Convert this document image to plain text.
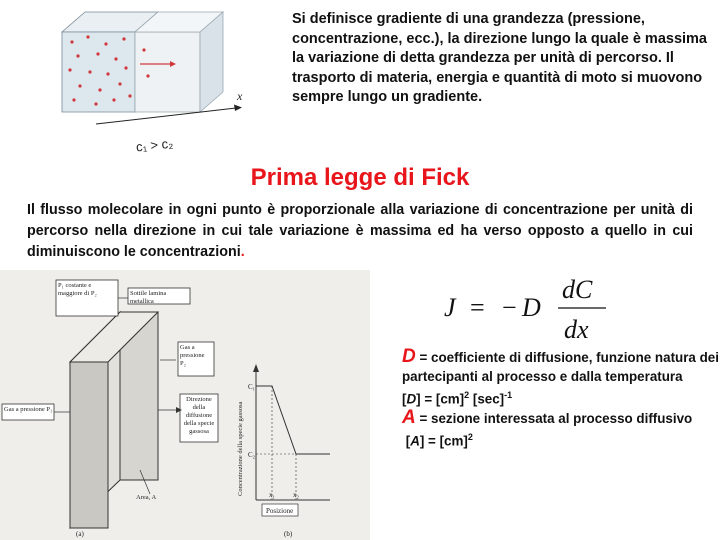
x
c₁ > c₂
Si definisce gradiente di una grandezza (pressione, concentrazione, ecc.), la direzione lungo la quale è massima la variazione di detta grandezza per unità di percorso. Il trasporto di materia, energia e quantità di moto si muovono sempre lungo un gradiente.
Prima legge di Fick
Il flusso molecolare in ogni punto è proporzionale alla variazione di concentrazione per unità di percorso nella direzione in cui tale variazione è massima ed ha verso opposto a quello in cui diminuiscono le concentrazioni.
P₁ costante e maggiore di P₂	Sottile lamina metallica
Gas a pressione P₁
Gas a pressione P₂
Direzione della diffusione della specie gassosa
Area, A
C₁
C₂
x₁	x₂
Concentrazione della specie gassosa
Posizione
(a)	(b)
J = − D
dC
dx
D = coefficiente di diffusione, funzione natura dei partecipanti al processo e dalla temperatura
[D] = [cm]$^2$ $[\sec]^{-1}$
A = sezione interessata al processo diffusivo
[A] = [cm]$^2$
